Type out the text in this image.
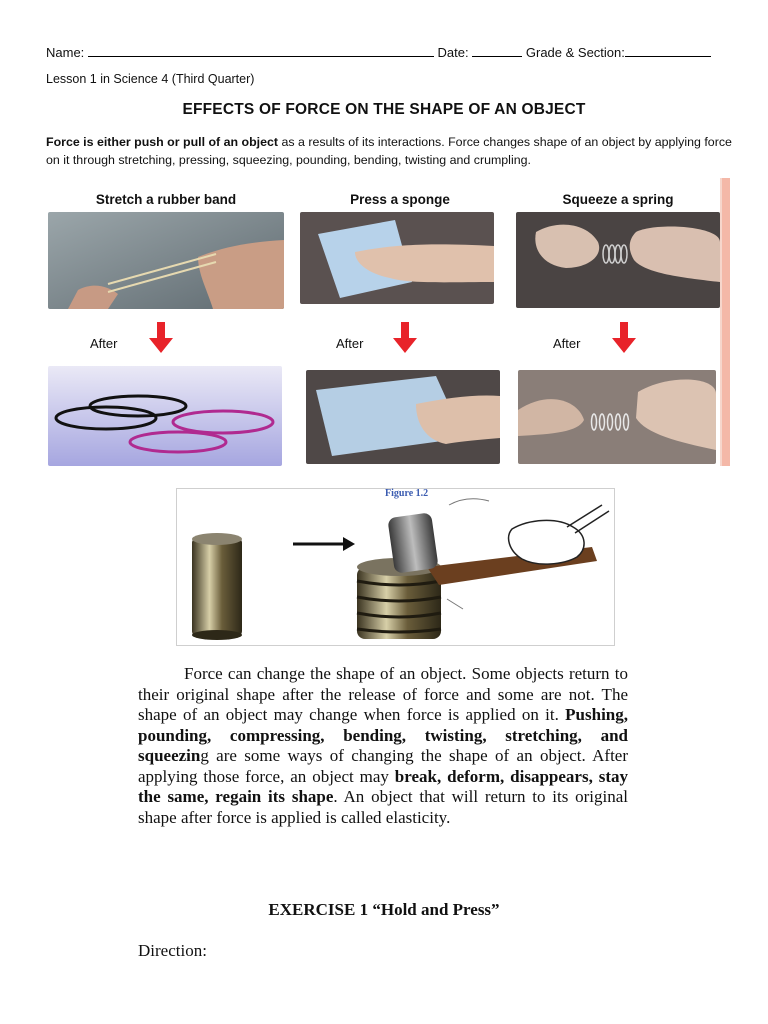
Name:	Date:	Grade & Section:
Lesson 1 in Science 4 (Third Quarter)
EFFECTS OF FORCE ON THE SHAPE OF AN OBJECT
Force is either push or pull of an object as a results of its interactions. Force changes shape of an object by applying force on it through stretching, pressing, squeezing, pounding, bending, twisting and crumpling.
Stretch a rubber band	Press a sponge	Squeeze a spring
After	After	After
Figure 1.2
Force can change the shape of an object. Some objects return to their original shape after the release of force and some are not. The shape of an object may change when force is applied on it. Pushing, pounding, compressing, bending, twisting, stretching, and squeezing are some ways of changing the shape of an object. After applying those force, an object may break, deform, disappears, stay the same, regain its shape. An object that will return to its original shape after force is applied is called elasticity.
EXERCISE 1 “Hold and Press”
Direction:
